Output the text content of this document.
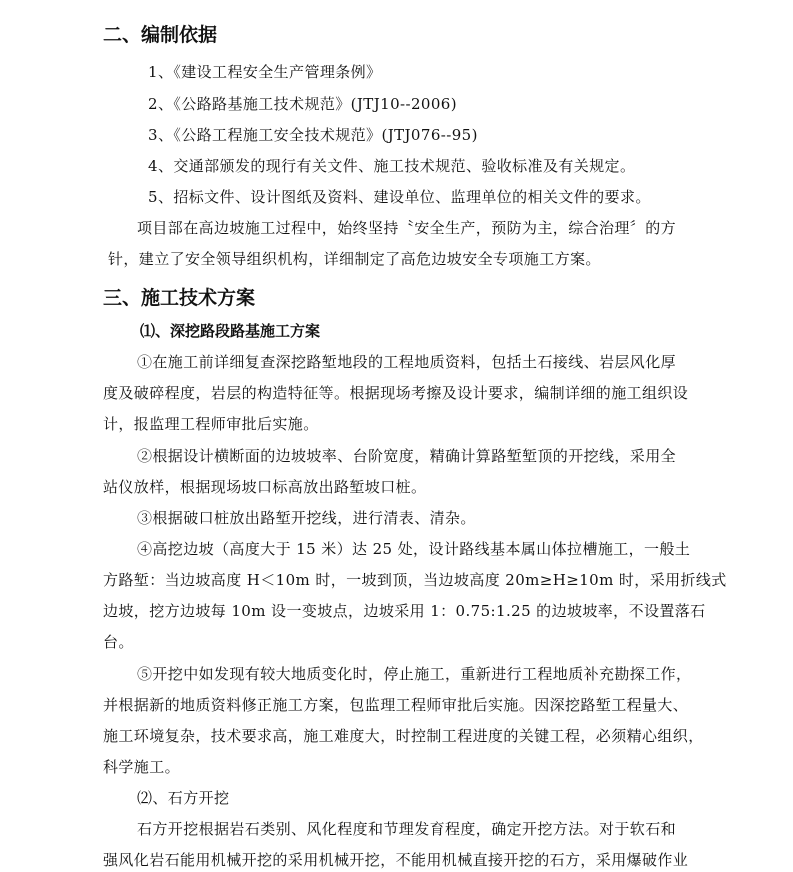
二、编制依据
1、《建设工程安全生产管理条例》
2、《公路路基施工技术规范》(JTJ10--2006)
3、《公路工程施工安全技术规范》(JTJ076--95)
4、交通部颁发的现行有关文件、施工技术规范、验收标准及有关规定。
5、招标文件、设计图纸及资料、建设单位、监理单位的相关文件的要求。
项目部在高边坡施工过程中，始终坚持〝安全生产，预防为主，综合治理〞的方
针，建立了安全领导组织机构，详细制定了高危边坡安全专项施工方案。
三、施工技术方案
⑴、深挖路段路基施工方案
①在施工前详细复查深挖路堑地段的工程地质资料，包括土石接线、岩层风化厚
度及破碎程度，岩层的构造特征等。根据现场考擦及设计要求，编制详细的施工组织设
计，报监理工程师审批后实施。
②根据设计横断面的边坡坡率、台阶宽度，精确计算路堑堑顶的开挖线，采用全
站仪放样，根据现场坡口标高放出路堑坡口桩。
③根据破口桩放出路堑开挖线，进行清表、清杂。
④高挖边坡（高度大于 15 米）达 25 处，设计路线基本属山体拉槽施工，一般土
方路堑：当边坡高度 H＜10m 时，一坡到顶，当边坡高度 20m≥H≥10m 时，采用折线式
边坡，挖方边坡每 10m 设一变坡点，边坡采用 1：0.75:1.25 的边坡坡率，不设置落石
台。
⑤开挖中如发现有较大地质变化时，停止施工，重新进行工程地质补充勘探工作，
并根据新的地质资料修正施工方案，包监理工程师审批后实施。因深挖路堑工程量大、
施工环境复杂，技术要求高，施工难度大，时控制工程进度的关键工程，必须精心组织，
科学施工。
⑵、石方开挖
石方开挖根据岩石类别、风化程度和节理发育程度，确定开挖方法。对于软石和
强风化岩石能用机械开挖的采用机械开挖，不能用机械直接开挖的石方，采用爆破作业
